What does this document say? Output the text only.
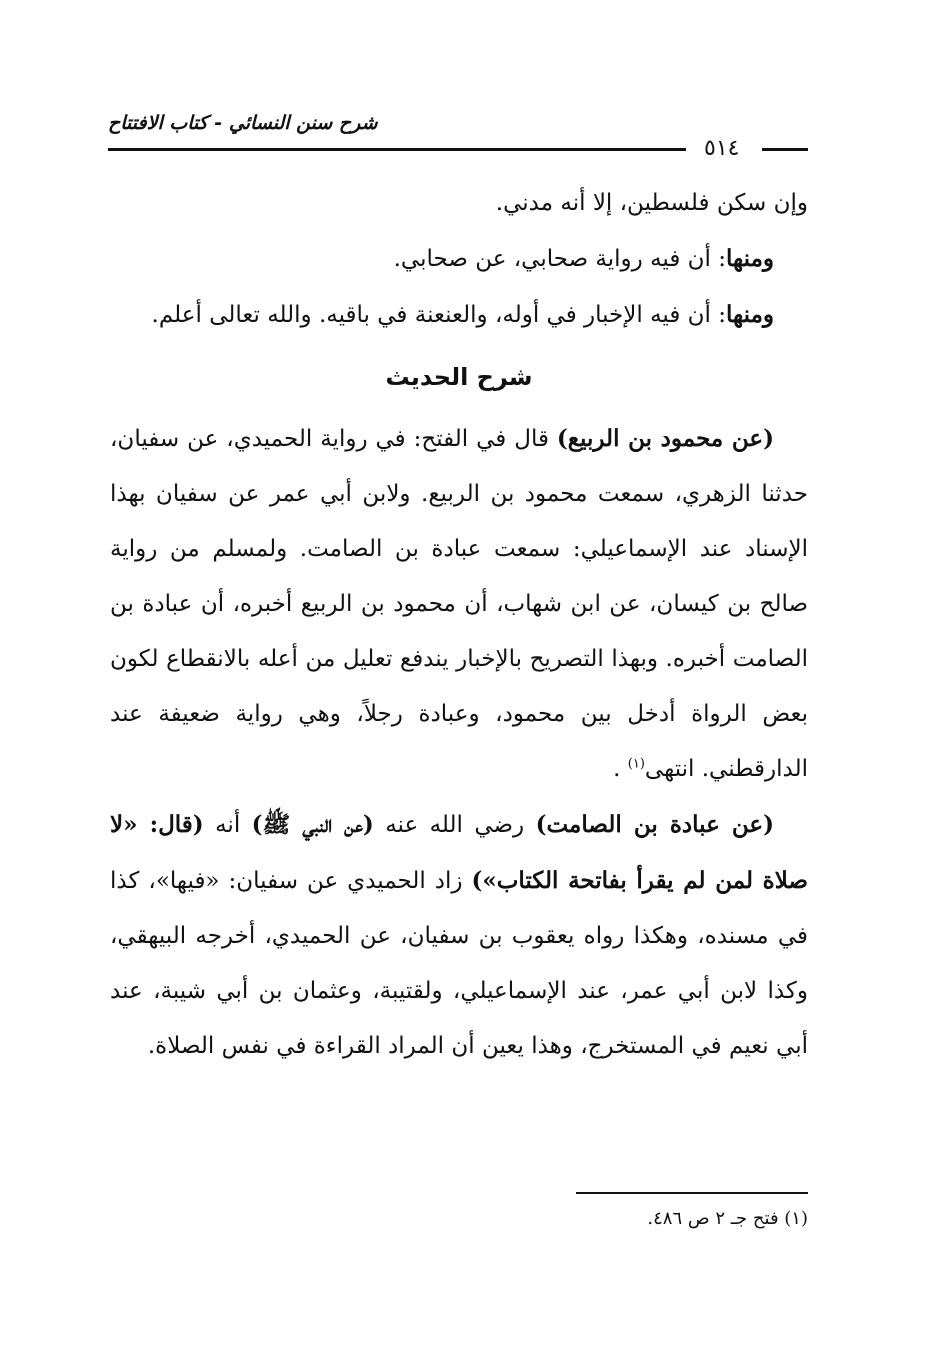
شرح سنن النسائي - كتاب الافتتاح
٥١٤

وإن سكن فلسطين، إلا أنه مدني.

ومنها: أن فيه رواية صحابي، عن صحابي.

ومنها: أن فيه الإخبار في أوله، والعنعنة في باقيه. والله تعالى أعلم.

شرح الحديث

(عن محمود بن الربيع) قال في الفتح: في رواية الحميدي، عن سفيان، حدثنا الزهري، سمعت محمود بن الربيع. ولابن أبي عمر عن سفيان بهذا الإسناد عند الإسماعيلي: سمعت عبادة بن الصامت. ولمسلم من رواية صالح بن كيسان، عن ابن شهاب، أن محمود بن الربيع أخبره، أن عبادة بن الصامت أخبره. وبهذا التصريح بالإخبار يندفع تعليل من أعله بالانقطاع لكون بعض الرواة أدخل بين محمود، وعبادة رجلاً، وهي رواية ضعيفة عند الدارقطني. انتهى$^{(١)}$ .

(عن عبادة بن الصامت) رضي الله عنه (عن النبي ﷺ) أنه (قال: «لا صلاة لمن لم يقرأ بفاتحة الكتاب») زاد الحميدي عن سفيان: «فيها»، كذا في مسنده، وهكذا رواه يعقوب بن سفيان، عن الحميدي، أخرجه البيهقي، وكذا لابن أبي عمر، عند الإسماعيلي، ولقتيبة، وعثمان بن أبي شيبة، عند أبي نعيم في المستخرج، وهذا يعين أن المراد القراءة في نفس الصلاة.

(١) فتح جـ ٢ ص ٤٨٦.
